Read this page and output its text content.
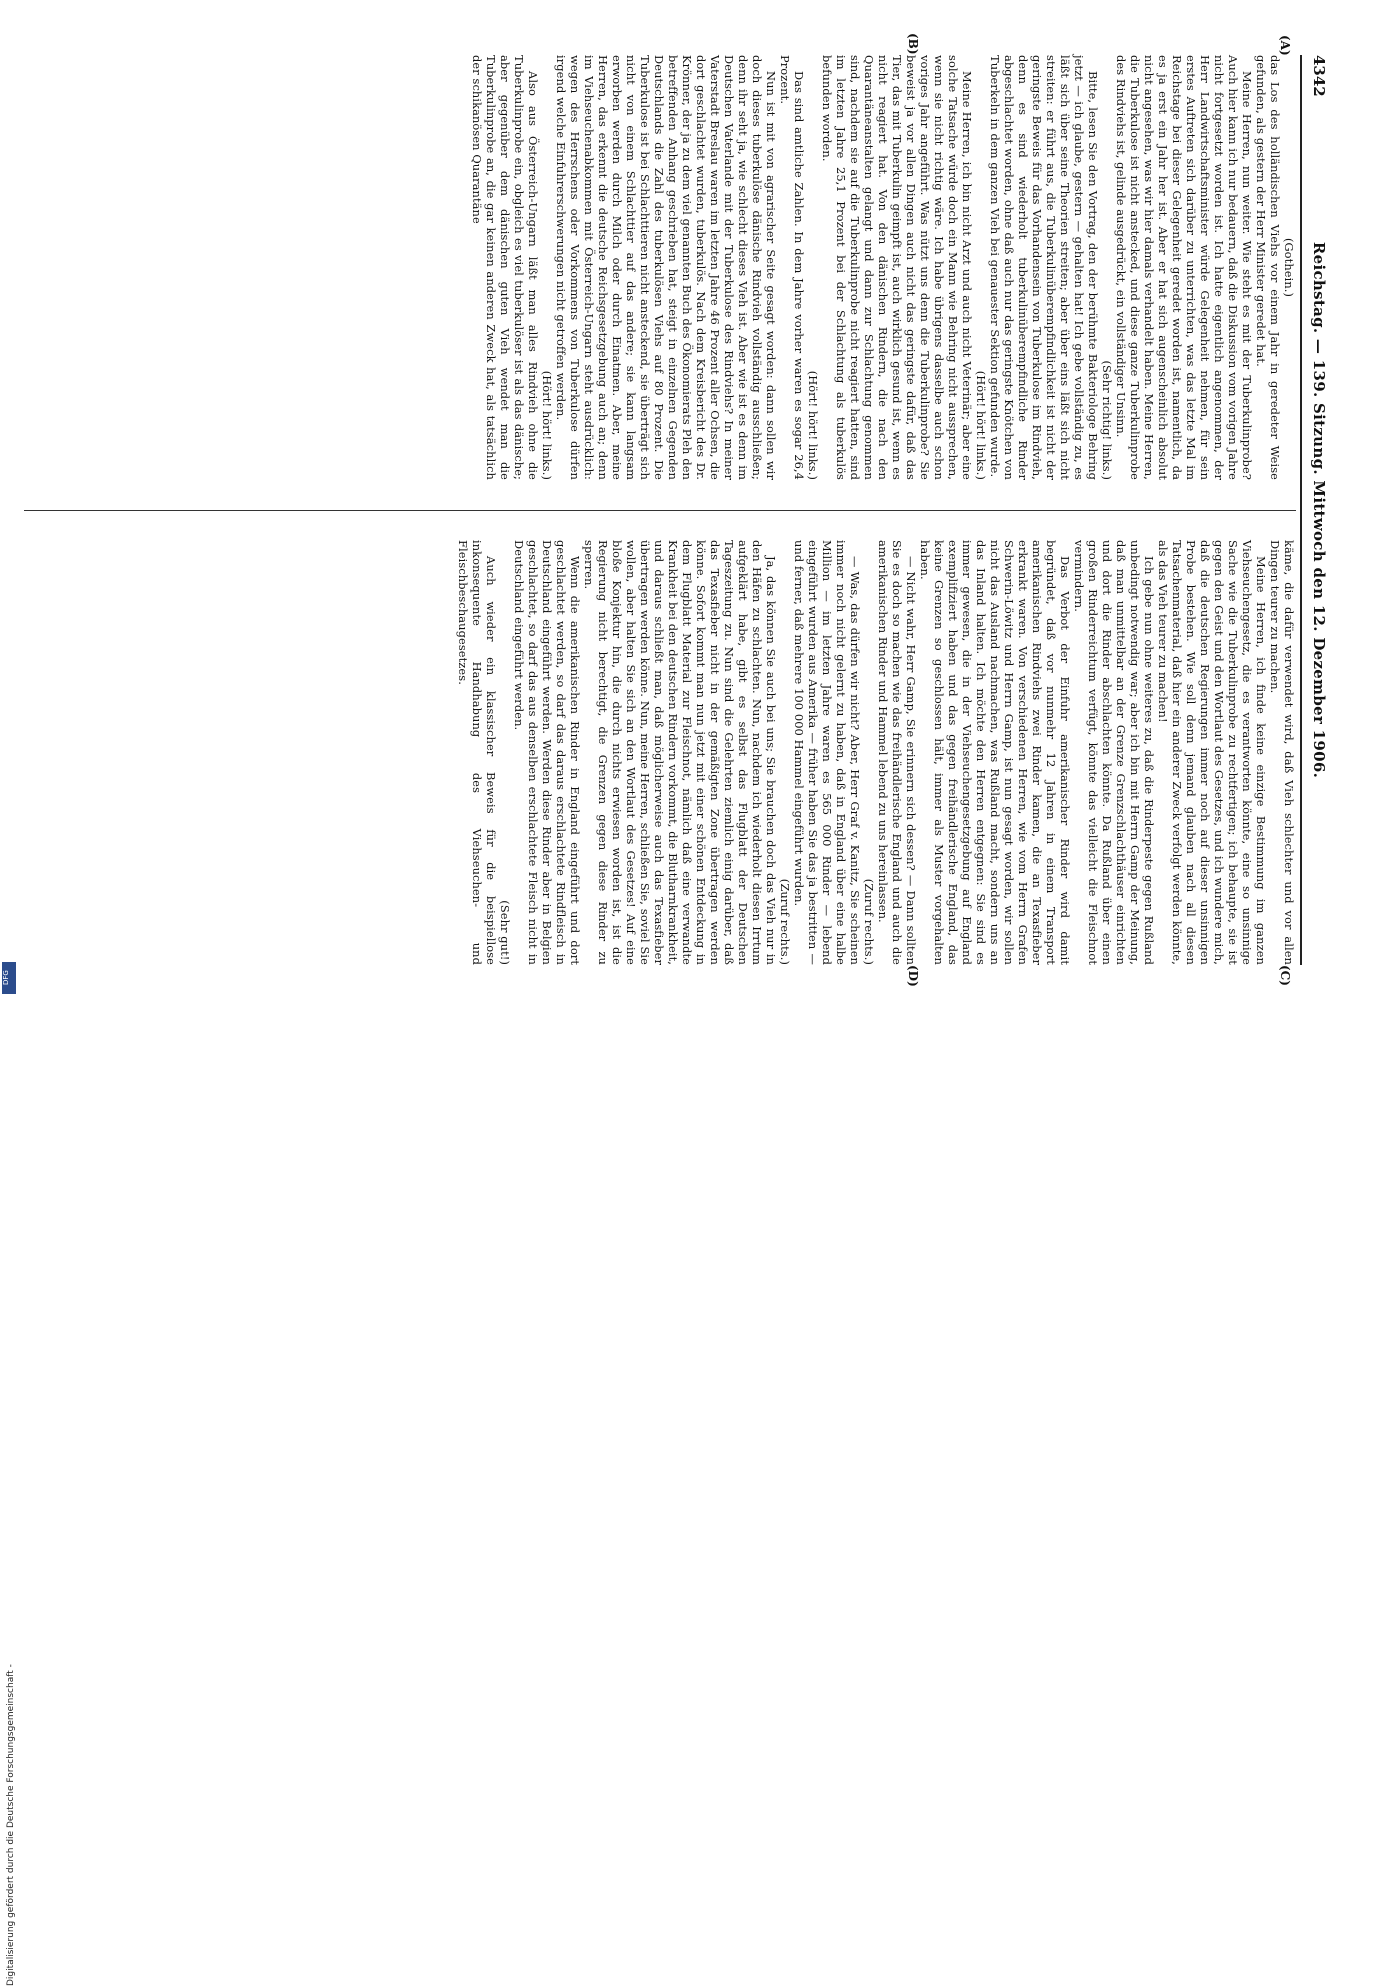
4342
Reichstag. — 139. Sitzung. Mittwoch den 12. Dezember 1906.
(A)
(B)
(C)
(D)

(Gothein.)

das Los des holländischen Viehs vor einem Jahr in geredeter Weise gefunden, als gestern der Herr Minister geredet hat.

Meine Herren, nun weiter. Wie steht es mit der Tuberkulinprobe? Auch hier kann ich nur bedauern, daß die Diskussion vom vorigen Jahre nicht fortgesetzt worden ist. Ich hatte eigentlich angenommen, der Herr Landwirtschaftsminister würde Gelegenheit nehmen, für sein erstes Auftreten sich darüber zu unterrichten, was das letzte Mal im Reichstage bei dieser Gelegenheit geredet worden ist, namentlich, da es ja erst ein Jahr her ist. Aber er hat sich augenscheinlich absolut nicht angesehen, was wir hier damals verhandelt haben. Meine Herren, die Tuberkulose ist nicht anstecked, und diese ganze Tuberkulinprobe des Rindviehs ist, gelinde ausgedrückt, ein vollständiger Unsinn.

(Sehr richtig! links.)

Bitte, lesen Sie den Vortrag, den der berühmte Bakteriologe Behring jetzt — ich glaube, gestern — gehalten hat! Ich gebe vollständig zu, es läßt sich über seine Theorien streiten; aber über eins läßt sich nicht streiten: er führt aus, die Tuberkulinüberempfindlichkeit ist nicht der geringste Beweis für das Vorhandensein von Tuberkulose im Rindvieh, denn es sind wiederholt tuberkulinüberempfindliche Rinder abgeschlachtet worden, ohne daß auch nur das geringste Knötchen von Tuberkeln in dem ganzen Vieh bei genauester Sektion gefunden wurde.

(Hört! hört! links.)

Meine Herren, ich bin nicht Arzt und auch nicht Veterinär; aber eine solche Tatsache würde doch ein Mann wie Behring nicht aussprechen, wenn sie nicht richtig wäre. Ich habe übrigens dasselbe auch schon voriges Jahr angeführt. Was nützt uns denn die Tuberkulinprobe? Sie beweist ja vor allen Dingen auch nicht das geringste dafür, daß das Tier, das mit Tuberkulin geimpft ist, auch wirklich gesund ist, wenn es nicht reagiert hat. Von den dänischen Rindern, die nach den Quarantäneanstalten gelangt und dann zur Schlachtung genommen sind, nachdem sie auf die Tuberkulinprobe nicht reagiert hatten, sind im letzten Jahre 25,1 Prozent bei der Schlachtung als tuberkulös befunden worden.

(Hört! hört! links.)

Das sind amtliche Zahlen. In dem Jahre vorher waren es sogar 26,4 Prozent.

Nun ist mit von agrarischer Seite gesagt worden: dann sollen wir doch dieses tuberkulöse dänische Rindvieh vollständig ausschließen; denn ihr seht ja, wie schlecht dieses Vieh ist. Aber wie ist es denn im Deutschen Vaterlande mit der Tuberkulose des Rindviehs? In meiner Vaterstadt Breslau waren im letzten Jahre 46 Prozent aller Ochsen, die dort geschlachtet wurden, tuberkulös. Nach dem Kreisbericht des Dr. Krönner, der ja zu dem viel genannten Buch des Ökonomierats Pleh den betreffenden Anhang geschrieben hat, steigt in einzelnen Gegenden Deutschlands die Zahl des tuberkulösen Viehs auf 80 Prozent. Die Tuberkulose ist bei Schlachttieren nicht ansteckend, sie überträgt sich nicht von einem Schlachttier auf das andere; sie kann langsam erworben werden durch Milch oder durch Einatmen. Aber, meine Herren, das erkennt die deutsche Reichsgesetzgebung auch an; denn im Viehseuchenabkommen mit Österreich-Ungarn steht ausdrücklich: wegen des Herrschens oder Vorkommens von Tuberkulose dürfen irgend welche Einfuhrerschwerungen nicht getroffen werden.

(Hört! hört! links.)

Also aus Österreich-Ungarn läßt man alles Rindvieh ohne die Tuberkulinprobe ein, obgleich es viel tuberkulöser ist als das dänische; aber gegenüber dem dänischen guten Vieh wendet man die Tuberkulinprobe an, die gar keinen anderen Zweck hat, als tatsächlich der schikanösen Quarantäne

käme, die dafür verwendet wird, daß Vieh schlechter und vor allen Dingen teurer zu machen.

Meine Herren, ich finde keine einzige Bestimmung im ganzen Viehseuchengesetz, die es verantworten könnte, eine so unsinnige Sache wie die Tuberkulinprobe zu rechtfertigen; ich behaupte, sie ist gegen den Geist und den Wortlaut des Gesetzes, und ich wundere mich, daß die deutschen Regierungen immer noch auf dieser unsinnigen Probe bestehen. Wie soll denn jemand glauben nach all diesen Tatsachenmaterial, daß hier ein anderer Zweck verfolgt werden könnte, als das Vieh teurer zu machen!

Ich gebe nun ohne weiteres zu, daß die Rinderpeste gegen Rußland unbedingt notwendig war; aber ich bin mit Herrn Gamp der Meinung, daß man unmittelbar an der Grenze Grenzschlachthäuser einrichten und dort die Rinder abschlachten könnte. Da Rußland über einen großen Rinderreichtum verfügt, könnte das vielleicht die Fleischnot vermindern.

Das Verbot der Einfuhr amerikanischer Rinder wird damit begründet, daß vor nunmehr 12 Jahren in einem Transport amerikanischen Rindviehs zwei Rinder kamen, die an Texasfieber erkrankt waren. Von verschiedenen Herren, wie vom Herrn Grafen Schwerin-Löwitz und Herrn Gamp, ist nun gesagt worden, wir sollen nicht das Ausland nachmachen, was Rußland macht, sondern uns an das Inland halten. Ich möchte den Herren entgegnen: Sie sind es immer gewesen, die in der Viehseuchengesetzgebung auf England exemplifiziert haben und das gegen freihändlerische England, das keine Grenzen so geschlossen hält, immer als Muster vorgehalten haben.

— Nicht wahr, Herr Gamp, Sie erinnern sich dessen? — Dann sollten Sie es doch so machen wie das freihändlerische England und auch die amerikanischen Rinder und Hammel lebend zu uns hereinlassen.

(Zuruf rechts.)

— Was, das dürfen wir nicht? Aber, Herr Graf v. Kanitz, Sie scheinen immer noch nicht gelernt zu haben, daß in England über eine halbe Million — im letzten Jahre waren es 565 000 Rinder — lebend eingeführt wurden aus Amerika — früher haben Sie das ja bestritten — und ferner, daß mehrere 100 000 Hammel eingeführt wurden.

(Zuruf rechts.)

Ja, das können Sie auch bei uns; Sie brauchen doch das Vieh nur in den Häfen zu schlachten. Nun, nachdem ich wiederholt diesen Irrtum aufgeklärt habe, gibt es selbst das Flugblatt der Deutschen Tageszeitung zu. Nun sind die Gelehrten ziemlich einig darüber, daß das Texasfieber nicht in der gemäßigten Zone übertragen werden könne. Sofort kommt man nun jetzt mit einer schönen Entdeckung in dem Flugblatt Material zur Fleischnot, nämlich daß eine verwandte Krankheit bei den deutschen Rindern vorkommt, die Blutharnkrankheit, und daraus schließt man, daß möglicherweise auch das Texasfieber übertragen werden könne. Nun, meine Herren, schließen Sie, soviel Sie wollen, aber halten Sie sich an den Wortlaut des Gesetzes! Auf eine bloße Konjektur hin, die durch nichts erwiesen worden ist, ist die Regierung nicht berechtigt, die Grenzen gegen diese Rinder zu sperren.

Wenn die amerikanischen Rinder in England eingeführt und dort geschlachtet werden, so darf das daraus erschlachtete Rindfleisch in Deutschland eingeführt werden. Werden diese Rinder aber in Belgien geschlachtet, so darf das aus denselben erschlachtete Fleisch nicht in Deutschland eingeführt werden.

(Sehr gut!)

Auch wieder ein klassischer Beweis für die beispiellose inkonsequente Handhabung des Viehseuchen- und Fleischbeschaugesetzes.

Digitalisierung gefördert durch die Deutsche Forschungsgemeinschaft -
DFG
